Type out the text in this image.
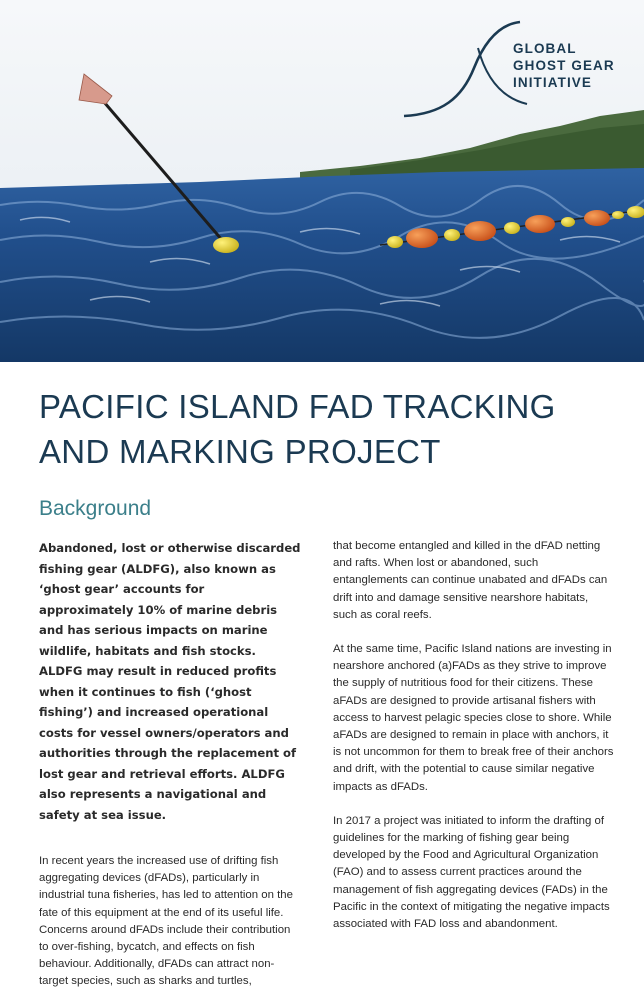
GLOBAL
GHOST GEAR
INITIATIVE
PACIFIC ISLAND FAD TRACKING
AND MARKING PROJECT
Background

Abandoned, lost or otherwise discarded fishing gear (ALDFG), also known as ‘ghost gear’ accounts for approximately 10% of marine debris and has serious impacts on marine wildlife, habitats and fish stocks. ALDFG may result in reduced profits when it continues to fish (‘ghost fishing’) and increased operational costs for vessel owners/operators and authorities through the replacement of lost gear and retrieval efforts. ALDFG also represents a navigational and safety at sea issue.

In recent years the increased use of drifting fish aggregating devices (dFADs), particularly in industrial tuna fisheries, has led to attention on the fate of this equipment at the end of its useful life. Concerns around dFADs include their contribution to over-fishing, bycatch, and effects on fish behaviour. Additionally, dFADs can attract non-target species, such as sharks and turtles,

that become entangled and killed in the dFAD netting and rafts. When lost or abandoned, such entanglements can continue unabated and dFADs can drift into and damage sensitive nearshore habitats, such as coral reefs.

At the same time, Pacific Island nations are investing in nearshore anchored (a)FADs as they strive to improve the supply of nutritious food for their citizens. These aFADs are designed to provide artisanal fishers with access to harvest pelagic species close to shore. While aFADs are designed to remain in place with anchors, it is not uncommon for them to break free of their anchors and drift, with the potential to cause similar negative impacts as dFADs.

In 2017 a project was initiated to inform the drafting of guidelines for the marking of fishing gear being developed by the Food and Agricultural Organization (FAO) and to assess current practices around the management of fish aggregating devices (FADs) in the Pacific in the context of mitigating the negative impacts associated with FAD loss and abandonment.
